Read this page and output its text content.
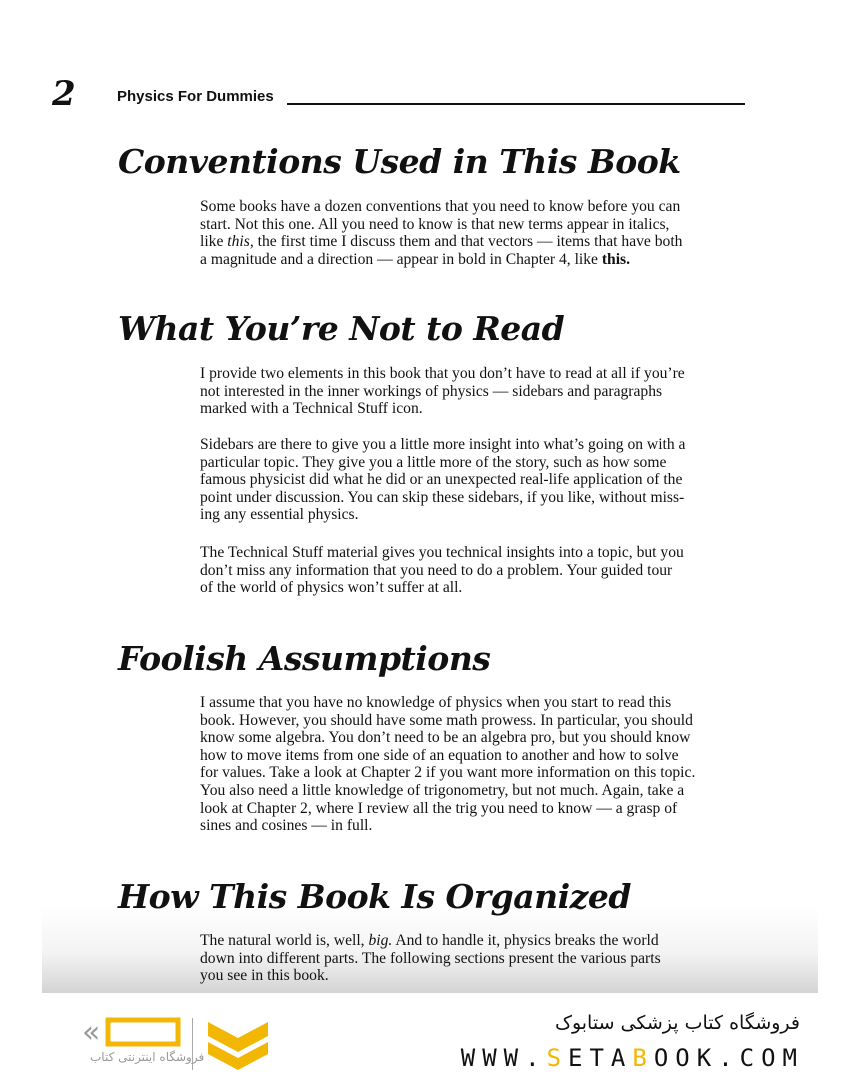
2	Physics For Dummies
Conventions Used in This Book
Some books have a dozen conventions that you need to know before you can
start. Not this one. All you need to know is that new terms appear in italics,
like this, the first time I discuss them and that vectors — items that have both
a magnitude and a direction — appear in bold in Chapter 4, like this.
What You’re Not to Read
I provide two elements in this book that you don’t have to read at all if you’re
not interested in the inner workings of physics — sidebars and paragraphs
marked with a Technical Stuff icon.
Sidebars are there to give you a little more insight into what’s going on with a
particular topic. They give you a little more of the story, such as how some
famous physicist did what he did or an unexpected real-life application of the
point under discussion. You can skip these sidebars, if you like, without miss-
ing any essential physics.
The Technical Stuff material gives you technical insights into a topic, but you
don’t miss any information that you need to do a problem. Your guided tour
of the world of physics won’t suffer at all.
Foolish Assumptions
I assume that you have no knowledge of physics when you start to read this
book. However, you should have some math prowess. In particular, you should
know some algebra. You don’t need to be an algebra pro, but you should know
how to move items from one side of an equation to another and how to solve
for values. Take a look at Chapter 2 if you want more information on this topic.
You also need a little knowledge of trigonometry, but not much. Again, take a
look at Chapter 2, where I review all the trig you need to know — a grasp of
sines and cosines — in full.
How This Book Is Organized
The natural world is, well, big. And to handle it, physics breaks the world
down into different parts. The following sections present the various parts
you see in this book.
«
فروشگاه اینترنتی کتاب
فروشگاه کتاب پزشکی ستابوک
WWW.SETABOOK.COM
